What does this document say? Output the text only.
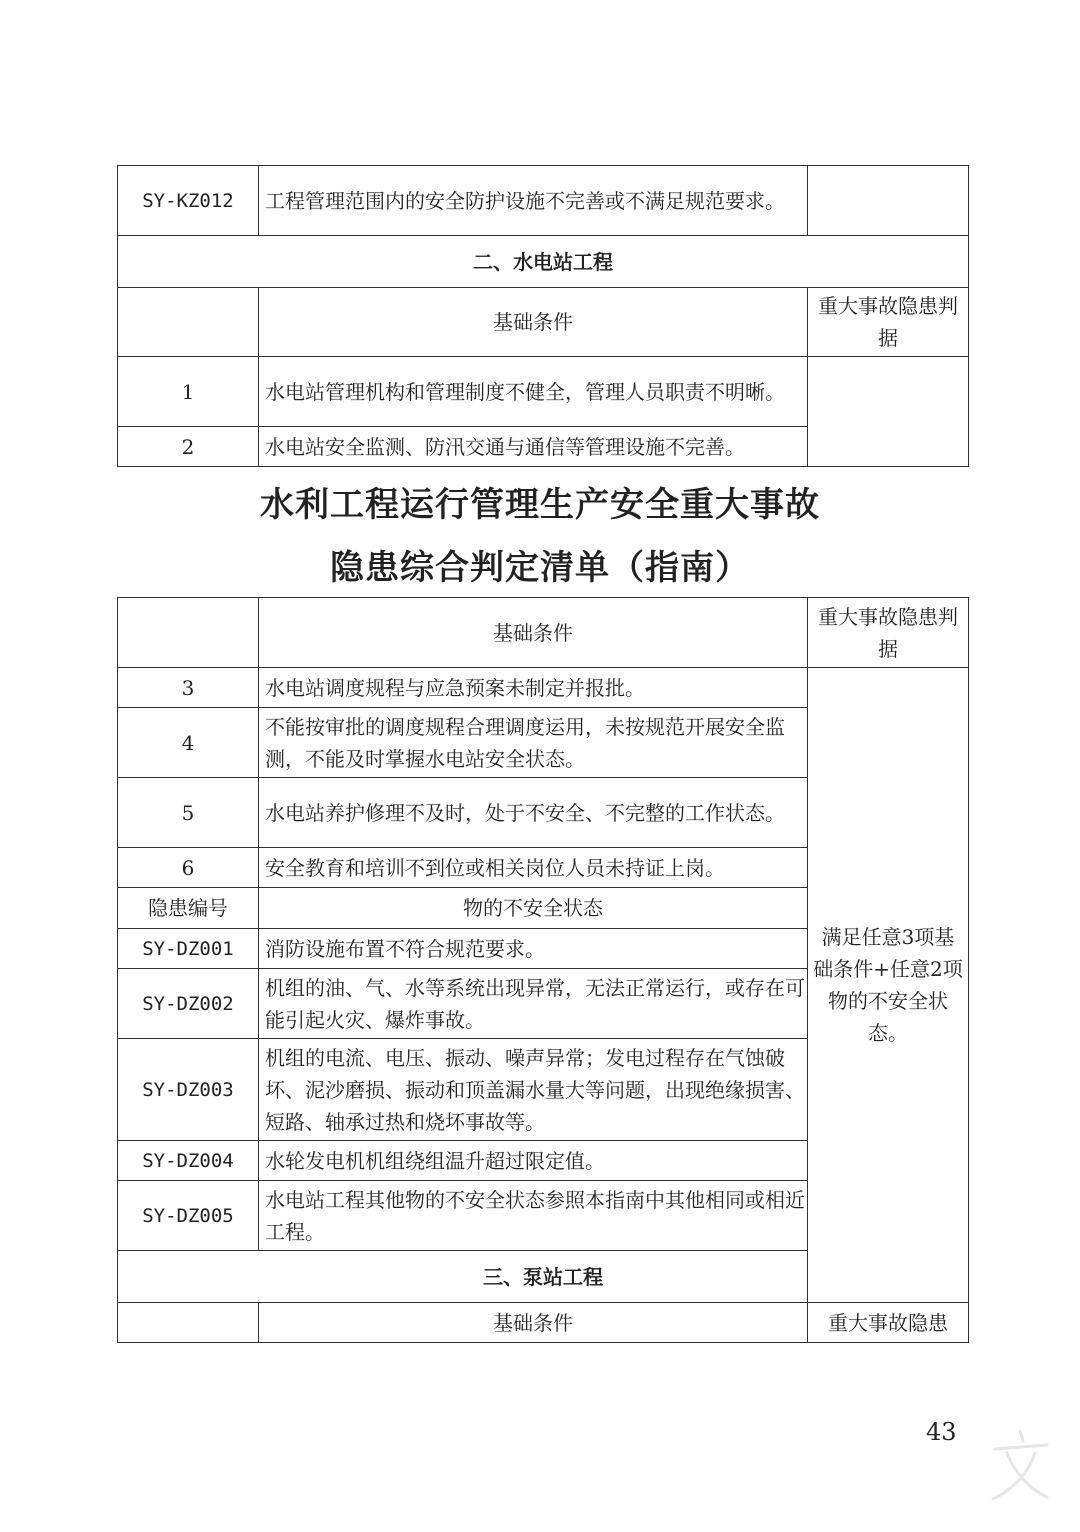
SY-KZ012	工程管理范围内的安全防护设施不完善或不满足规范要求。	
二、水电站工程		
	基础条件	重大事故隐患判据
1	水电站管理机构和管理制度不健全，管理人员职责不明晰。	
2	水电站安全监测、防汛交通与通信等管理设施不完善。	
水利工程运行管理生产安全重大事故
隐患综合判定清单（指南）
	基础条件	重大事故隐患判据
3	水电站调度规程与应急预案未制定并报批。	满足任意3项基础条件+任意2项物的不安全状态。
4	不能按审批的调度规程合理调度运用，未按规范开展安全监测，不能及时掌握水电站安全状态。	
5	水电站养护修理不及时，处于不安全、不完整的工作状态。	
6	安全教育和培训不到位或相关岗位人员未持证上岗。	
隐患编号	物的不安全状态	
SY-DZ001	消防设施布置不符合规范要求。	
SY-DZ002	机组的油、气、水等系统出现异常，无法正常运行，或存在可能引起火灾、爆炸事故。	
SY-DZ003	机组的电流、电压、振动、噪声异常；发电过程存在气蚀破坏、泥沙磨损、振动和顶盖漏水量大等问题，出现绝缘损害、短路、轴承过热和烧坏事故等。	
SY-DZ004	水轮发电机机组绕组温升超过限定值。	
SY-DZ005	水电站工程其他物的不安全状态参照本指南中其他相同或相近工程。	
三、泵站工程		
	基础条件	重大事故隐患
43
